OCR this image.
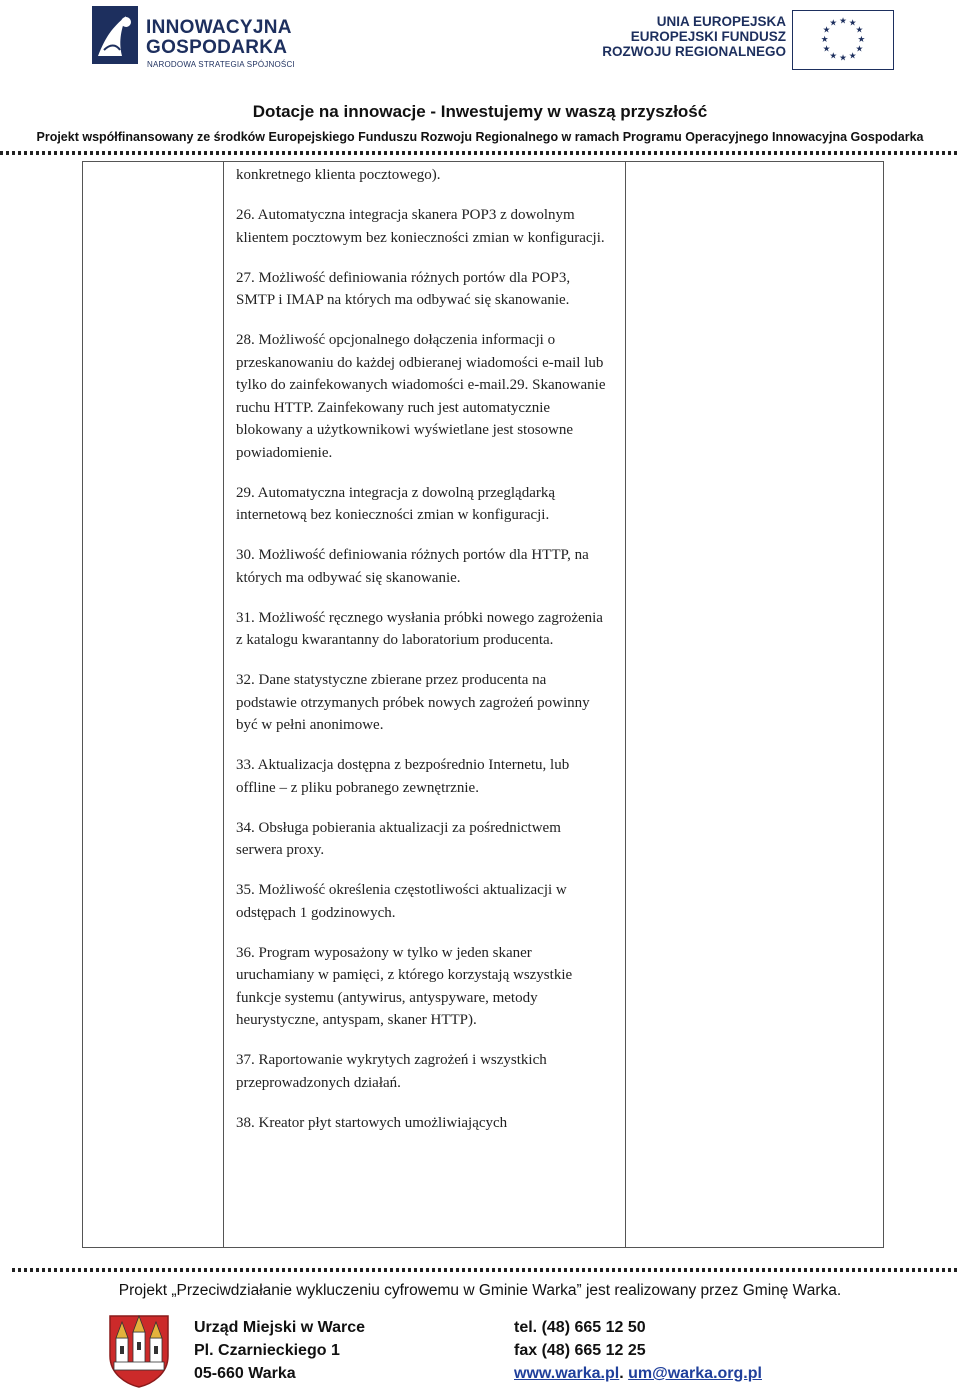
INNOWACYJNA
GOSPODARKA
NARODOWA STRATEGIA SPÓJNOŚCI
UNIA EUROPEJSKA
EUROPEJSKI FUNDUSZ
ROZWOJU REGIONALNEGO
★ ★
★
★
★
★
★
★
★
★
★
★
Dotacje na innowacje - Inwestujemy w waszą przyszłość
Projekt współfinansowany ze środków Europejskiego Funduszu Rozwoju Regionalnego w ramach Programu Operacyjnego Innowacyjna Gospodarka

konkretnego klienta pocztowego).

26. Automatyczna integracja skanera POP3 z dowolnym klientem pocztowym bez konieczności zmian w konfiguracji.

27. Możliwość definiowania różnych portów dla POP3, SMTP i IMAP na których ma odbywać się skanowanie.

28. Możliwość opcjonalnego dołączenia informacji o przeskanowaniu do każdej odbieranej wiadomości e-mail lub tylko do zainfekowanych wiadomości e-mail.29. Skanowanie ruchu HTTP. Zainfekowany ruch jest automatycznie blokowany a użytkownikowi wyświetlane jest stosowne powiadomienie.

29. Automatyczna integracja z dowolną przeglądarką internetową bez konieczności zmian w konfiguracji.

30. Możliwość definiowania różnych portów dla HTTP, na których ma odbywać się skanowanie.

31. Możliwość ręcznego wysłania próbki nowego zagrożenia z katalogu kwarantanny do laboratorium producenta.

32. Dane statystyczne zbierane przez producenta na podstawie otrzymanych próbek nowych zagrożeń powinny być w pełni anonimowe.

33. Aktualizacja dostępna z bezpośrednio Internetu, lub offline – z pliku pobranego zewnętrznie.

34. Obsługa pobierania aktualizacji za pośrednictwem serwera proxy.

35. Możliwość określenia częstotliwości aktualizacji w odstępach 1 godzinowych.

36. Program wyposażony w tylko w jeden skaner uruchamiany w pamięci, z którego korzystają wszystkie funkcje systemu (antywirus, antyspyware, metody heurystyczne, antyspam, skaner HTTP).

37. Raportowanie wykrytych zagrożeń i wszystkich przeprowadzonych działań.

38. Kreator płyt startowych umożliwiających

Projekt „Przeciwdziałanie wykluczeniu cyfrowemu w Gminie Warka” jest realizowany przez Gminę Warka.
Urząd Miejski w Warce
Pl. Czarnieckiego 1
05-660 Warka
tel. (48) 665 12 50
fax (48) 665 12 25
www.warka.pl. um@warka.org.pl
